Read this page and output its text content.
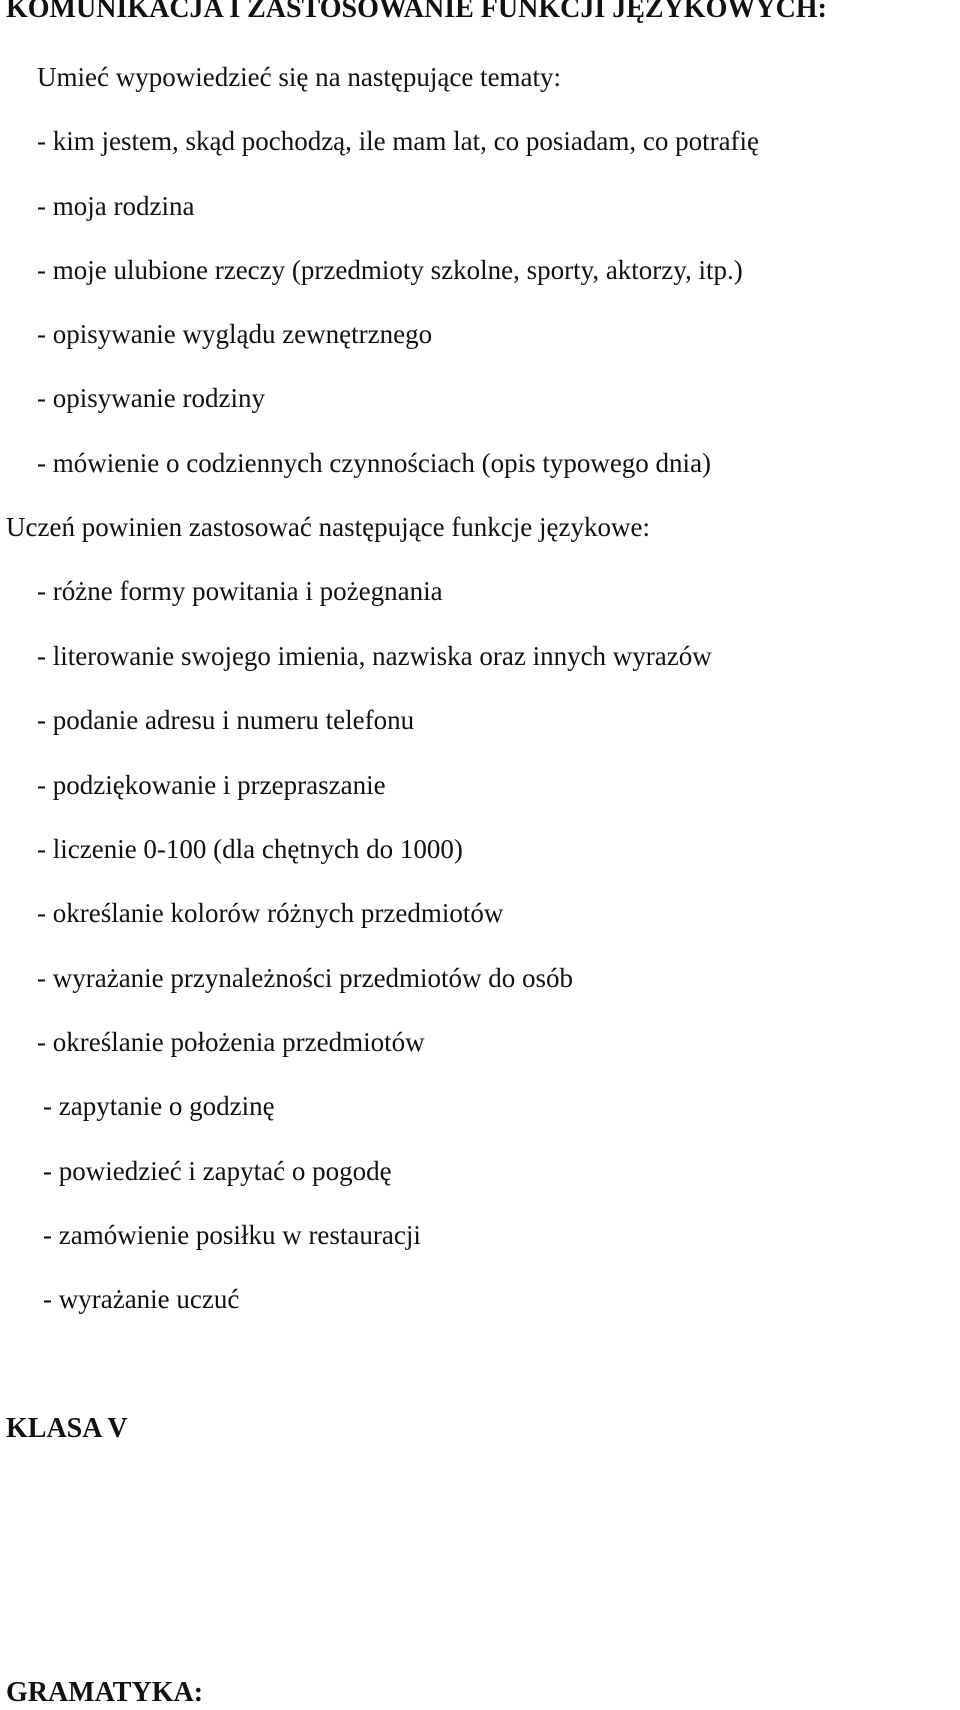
KOMUNIKACJA I ZASTOSOWANIE FUNKCJI JĘZYKOWYCH:
Umieć wypowiedzieć się na następujące tematy:
- kim jestem, skąd pochodzą, ile mam lat, co posiadam, co potrafię
- moja rodzina
- moje ulubione rzeczy (przedmioty szkolne, sporty, aktorzy, itp.)
- opisywanie wyglądu zewnętrznego
- opisywanie rodziny
- mówienie o codziennych czynnościach (opis typowego dnia)
Uczeń powinien zastosować następujące funkcje językowe:
- różne formy powitania i pożegnania
- literowanie swojego imienia, nazwiska oraz innych wyrazów
- podanie adresu i numeru telefonu
- podziękowanie i przepraszanie
- liczenie 0-100 (dla chętnych do 1000)
- określanie kolorów różnych przedmiotów
- wyrażanie przynależności przedmiotów do osób
- określanie położenia przedmiotów
- zapytanie o godzinę
- powiedzieć i zapytać o pogodę
- zamówienie posiłku w restauracji
- wyrażanie uczuć
KLASA V
GRAMATYKA:
